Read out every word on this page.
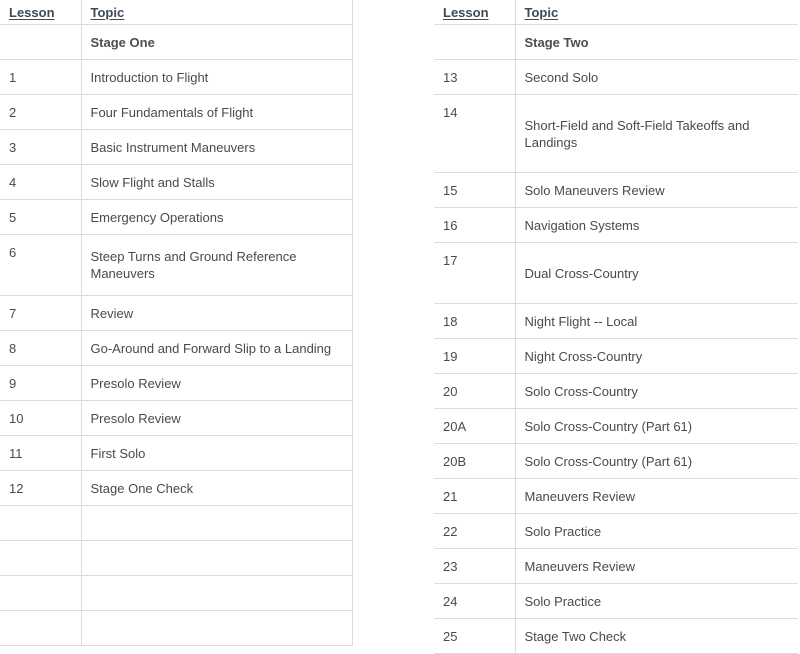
Lesson	Topic
	Stage One
1	Introduction to Flight
2	Four Fundamentals of Flight
3	Basic Instrument Maneuvers
4	Slow Flight and Stalls
5	Emergency Operations
6	Steep Turns and Ground Reference Maneuvers
7	Review
8	Go-Around and Forward Slip to a Landing
9	Presolo Review
10	Presolo Review
11	First Solo
12	Stage One Check

Lesson	Topic
	Stage Two
13	Second Solo
14	Short-Field and Soft-Field Takeoffs and Landings
15	Solo Maneuvers Review
16	Navigation Systems
17	Dual Cross-Country
18	Night Flight -- Local
19	Night Cross-Country
20	Solo Cross-Country
20A	Solo Cross-Country (Part 61)
20B	Solo Cross-Country (Part 61)
21	Maneuvers Review
22	Solo Practice
23	Maneuvers Review
24	Solo Practice
25	Stage Two Check
